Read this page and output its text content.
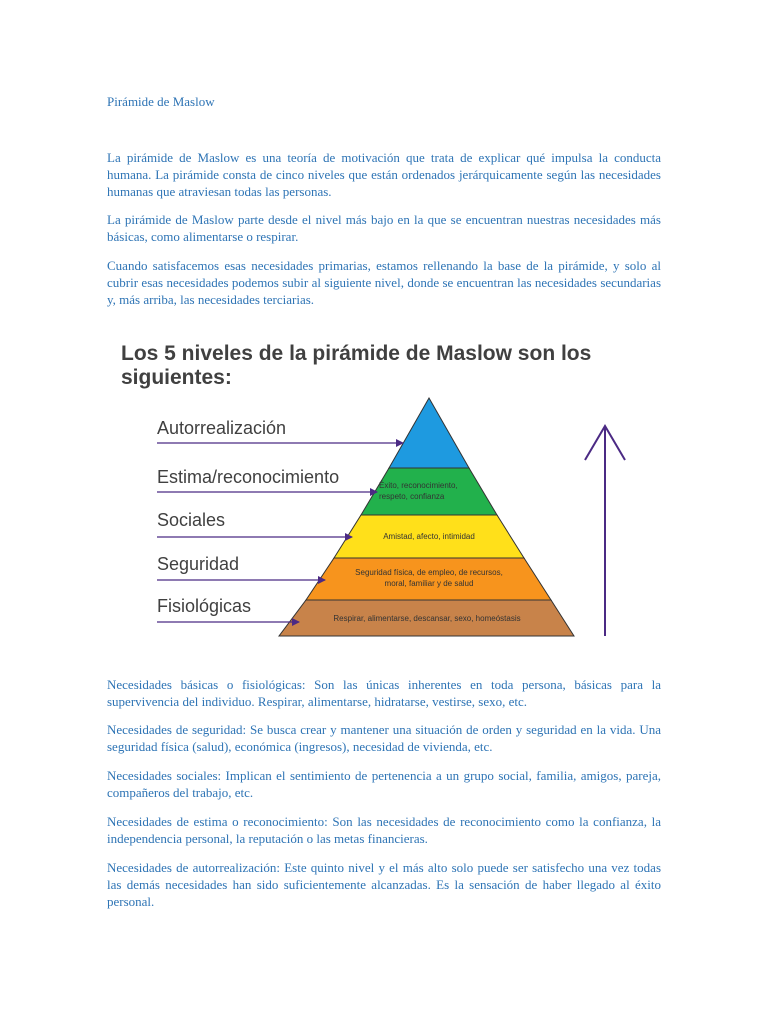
Pirámide de Maslow

La pirámide de Maslow es una teoría de motivación que trata de explicar qué impulsa la conducta humana. La pirámide consta de cinco niveles que están ordenados jerárquicamente según las necesidades humanas que atraviesan todas las personas.

La pirámide de Maslow parte desde el nivel más bajo en la que se encuentran nuestras necesidades más básicas, como alimentarse o respirar.

Cuando satisfacemos esas necesidades primarias, estamos rellenando la base de la pirámide, y solo al cubrir esas necesidades podemos subir al siguiente nivel, donde se encuentran las necesidades secundarias y, más arriba, las necesidades terciarias.

Necesidades básicas o fisiológicas: Son las únicas inherentes en toda persona, básicas para la supervivencia del individuo. Respirar, alimentarse, hidratarse, vestirse, sexo, etc.

Necesidades de seguridad: Se busca crear y mantener una situación de orden y seguridad en la vida. Una seguridad física (salud), económica (ingresos), necesidad de vivienda, etc.

Necesidades sociales: Implican el sentimiento de pertenencia a un grupo social, familia, amigos, pareja, compañeros del trabajo, etc.

Necesidades de estima o reconocimiento: Son las necesidades de reconocimiento como la confianza, la independencia personal, la reputación o las metas financieras.

Necesidades de autorrealización: Este quinto nivel y el más alto solo puede ser satisfecho una vez todas las demás necesidades han sido suficientemente alcanzadas. Es la sensación de haber llegado al éxito personal.

Los 5 niveles de la pirámide de Maslow son los siguientes:
Éxito, reconocimiento,
respeto, confianza
Amistad, afecto, intimidad
Seguridad física, de empleo, de recursos,
moral, familiar y de salud
Respirar, alimentarse, descansar, sexo, homeóstasis
Autorrealización
Estima/reconocimiento
Sociales
Seguridad
Fisiológicas
